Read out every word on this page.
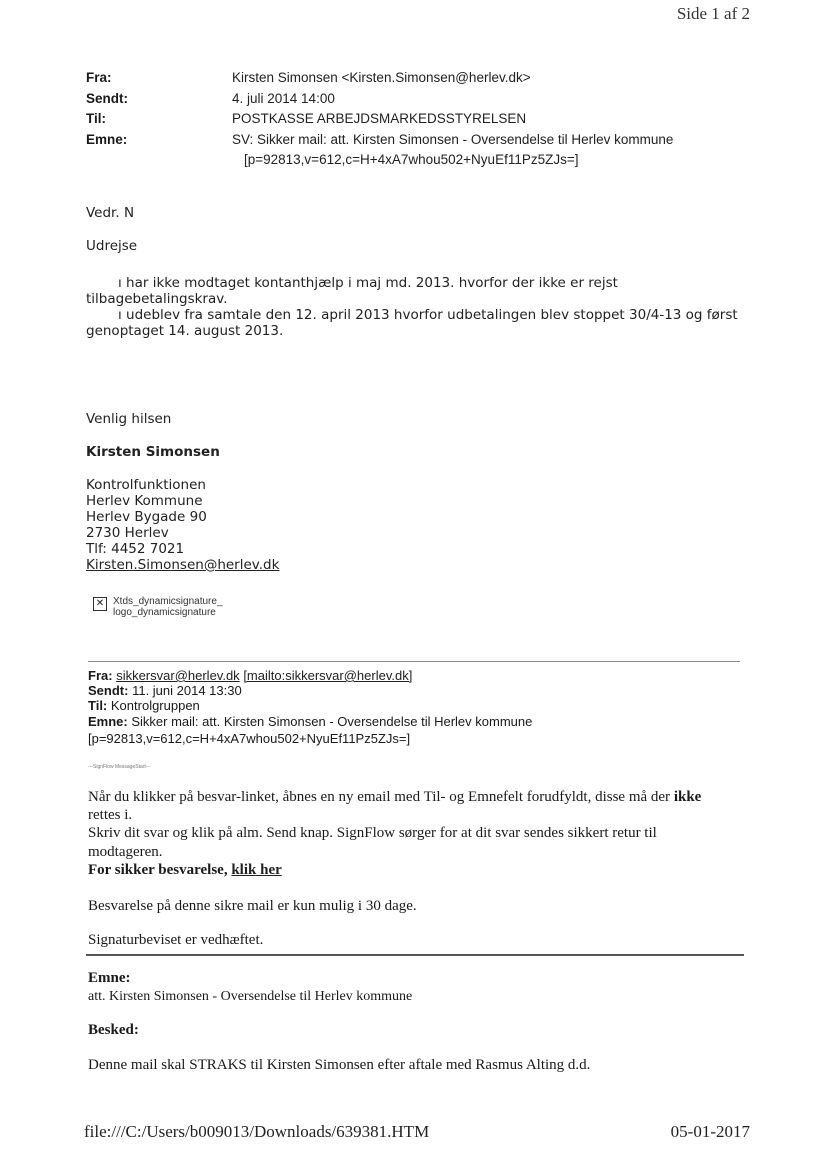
Side 1 af 2
Fra:	Kirsten Simonsen <Kirsten.Simonsen@herlev.dk>
Sendt:	4. juli 2014 14:00
Til:	POSTKASSE ARBEJDSMARKEDSSTYRELSEN
Emne:	SV: Sikker mail: att. Kirsten Simonsen - Oversendelse til Herlev kommune
[p=92813,v=612,c=H+4xA7whou502+NyuEf11Pz5ZJs=]
Vedr. N
Udrejse
ı har ikke modtaget kontanthjælp i maj md. 2013. hvorfor der ikke er rejst
tilbagebetalingskrav.
ı udeblev fra samtale den 12. april 2013 hvorfor udbetalingen blev stoppet 30/4-13 og først
genoptaget 14. august 2013.
Venlig hilsen
Kirsten Simonsen
Kontrolfunktionen
Herlev Kommune
Herlev Bygade 90
2730 Herlev
Tlf: 4452 7021
Kirsten.Simonsen@herlev.dk
✕ Xtds_dynamicsignature_
logo_dynamicsignature
Fra: sikkersvar@herlev.dk [mailto:sikkersvar@herlev.dk]
Sendt: 11. juni 2014 13:30
Til: Kontrolgruppen
Emne: Sikker mail: att. Kirsten Simonsen - Oversendelse til Herlev kommune
[p=92813,v=612,c=H+4xA7whou502+NyuEf11Pz5ZJs=]
---SignFlow MessageStart---
Når du klikker på besvar-linket, åbnes en ny email med Til- og Emnefelt forudfyldt, disse må der ikke
rettes i.
Skriv dit svar og klik på alm. Send knap. SignFlow sørger for at dit svar sendes sikkert retur til
modtageren.
For sikker besvarelse, klik her
Besvarelse på denne sikre mail er kun mulig i 30 dage.
Signaturbeviset er vedhæftet.
Emne:
att. Kirsten Simonsen - Oversendelse til Herlev kommune
Besked:
Denne mail skal STRAKS til Kirsten Simonsen efter aftale med Rasmus Alting d.d.
file:///C:/Users/b009013/Downloads/639381.HTM	05-01-2017
